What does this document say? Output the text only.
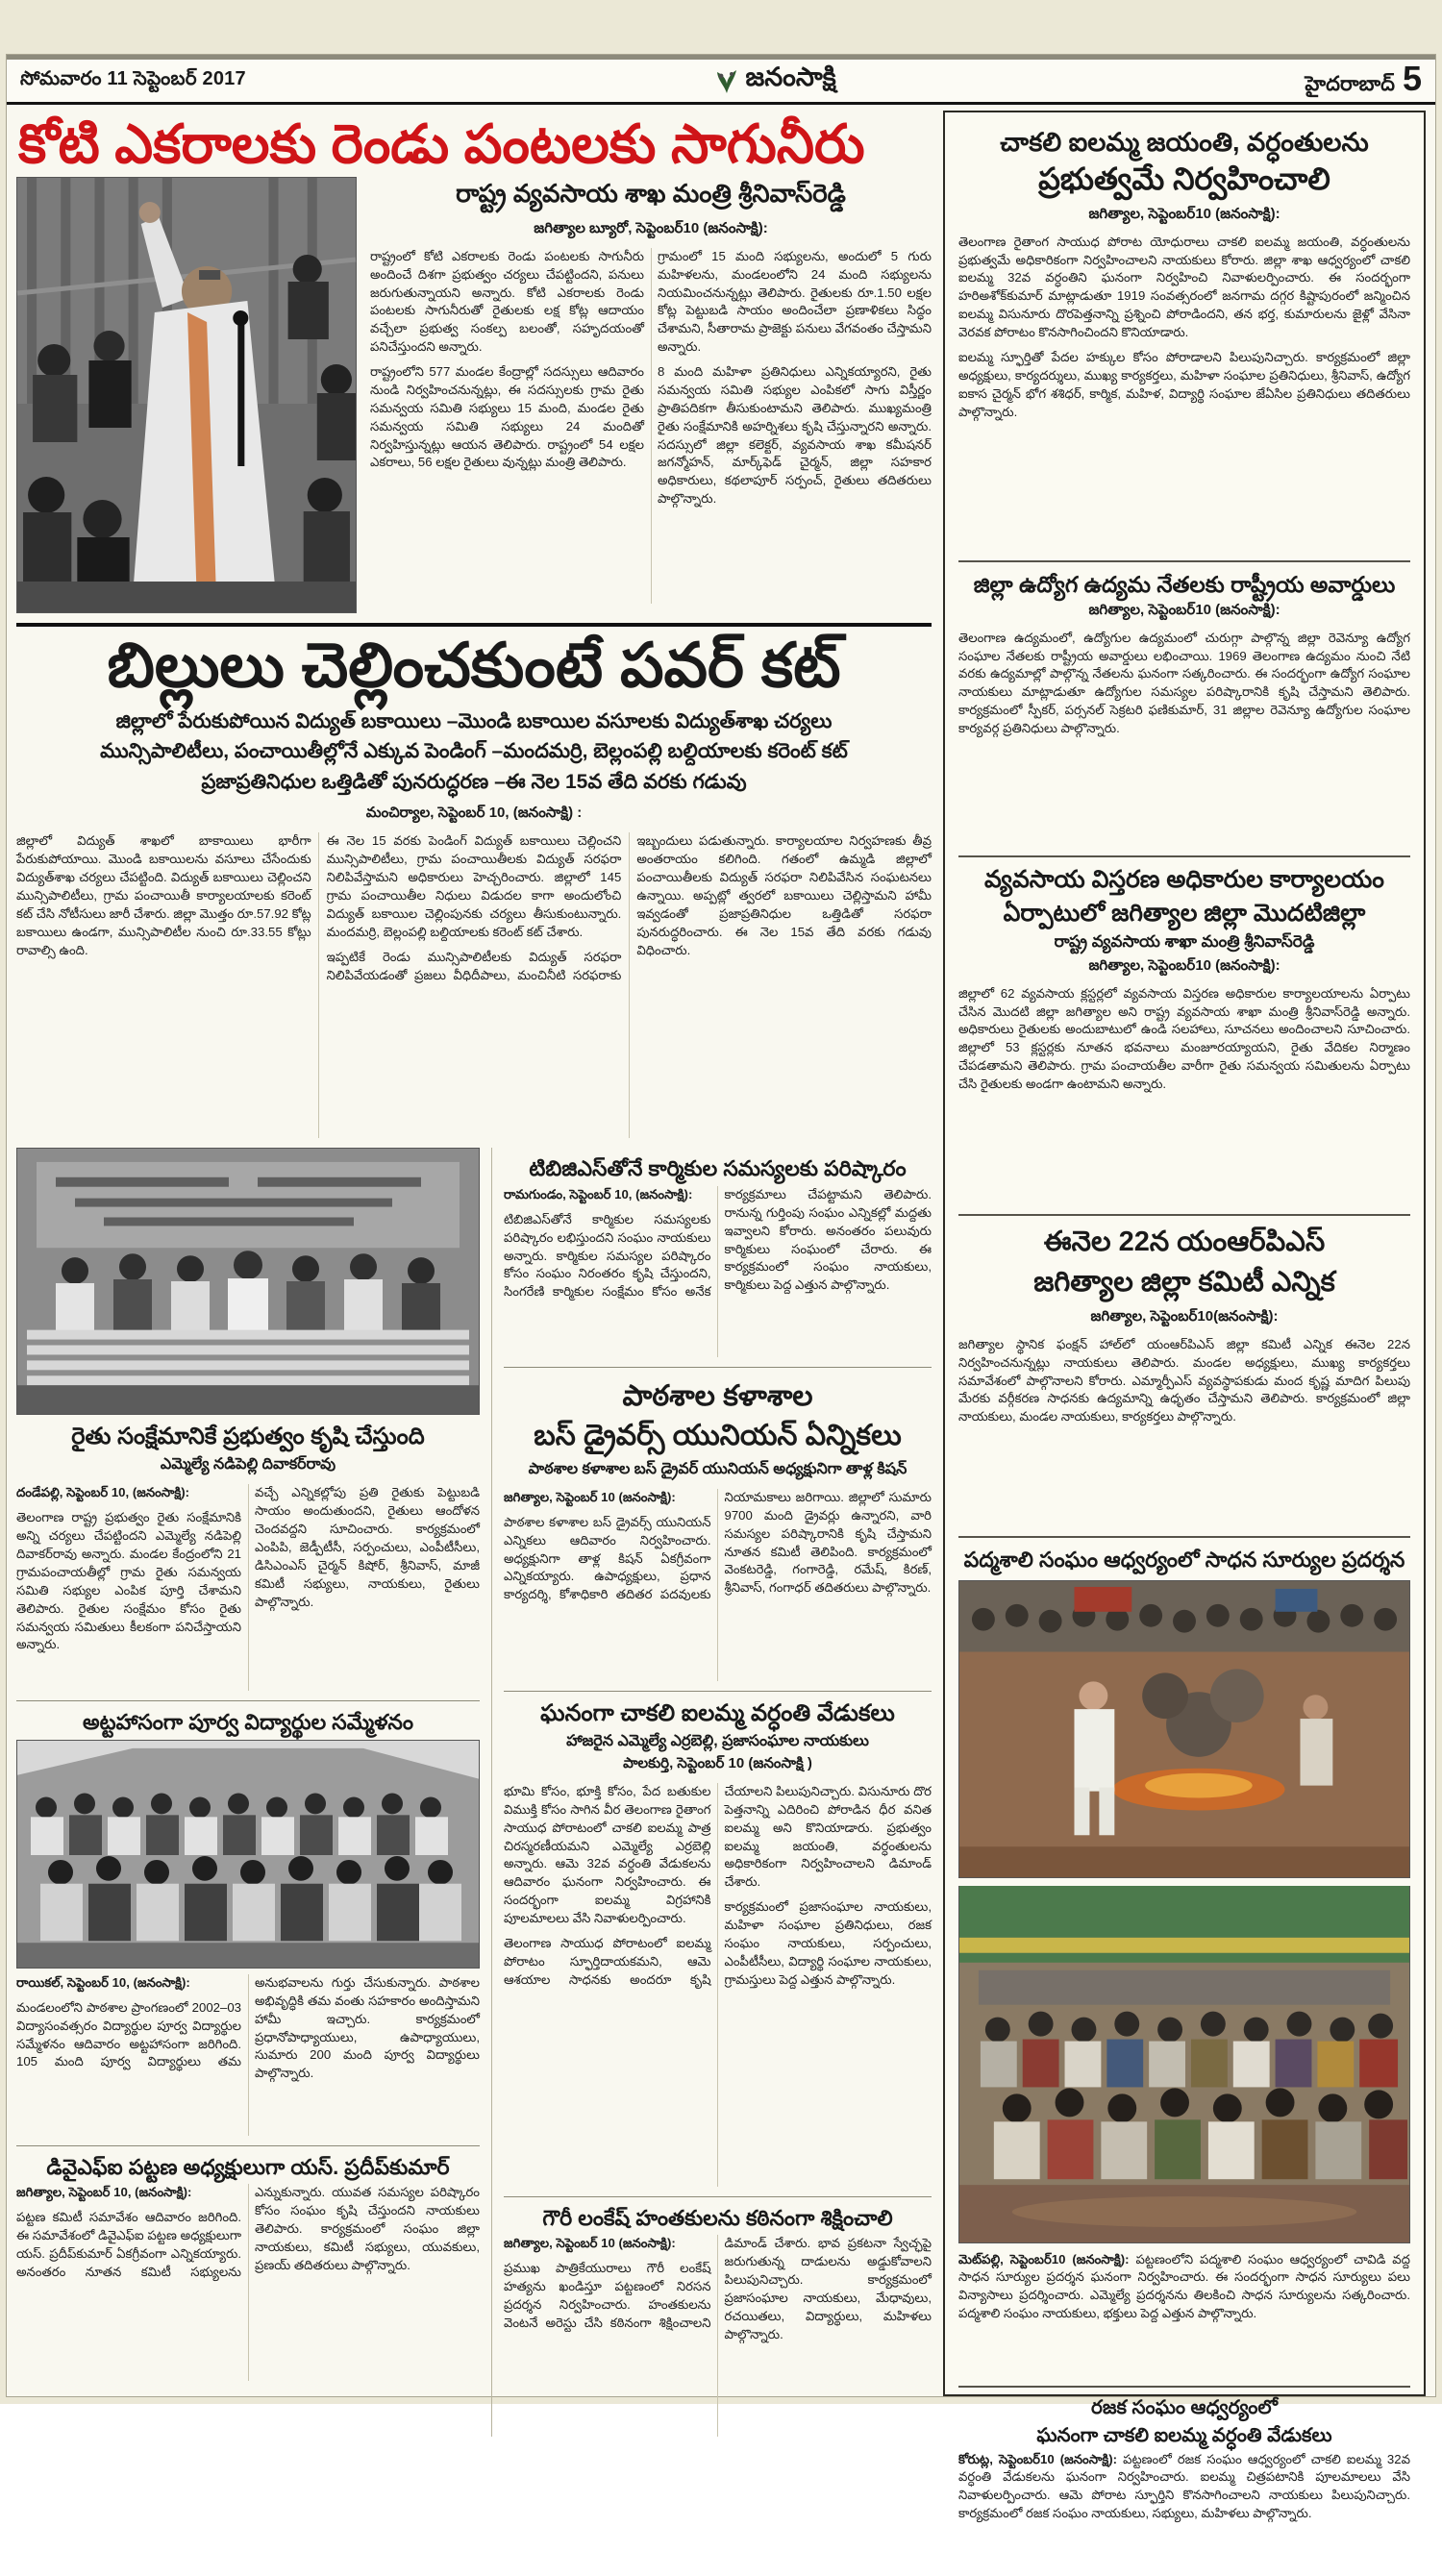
సోమవారం 11 సెప్టెంబర్ 2017	జనంసాక్షి	హైదరాబాద్ 5
కోటి ఎకరాలకు రెండు పంటలకు సాగునీరు
రాష్ట్ర వ్యవసాయ శాఖ మంత్రి శ్రీనివాస్‌రెడ్డి
జగిత్యాల బ్యూరో, సెప్టెంబర్10 (జనంసాక్షి):

రాష్ట్రంలో కోటి ఎకరాలకు రెండు పంటలకు సాగునీరు అందించే దిశగా ప్రభుత్వం చర్యలు చేపట్టిందని, పనులు జరుగుతున్నాయని అన్నారు. కోటి ఎకరాలకు రెండు పంటలకు సాగునీరుతో రైతులకు లక్ష కోట్ల ఆదాయం వచ్చేలా ప్రభుత్వ సంకల్ప బలంతో, సహృదయంతో పనిచేస్తుందని అన్నారు.

రాష్ట్రంలోని 577 మండల కేంద్రాల్లో సదస్సులు ఆదివారం నుండి నిర్వహించనున్నట్లు, ఈ సదస్సులకు గ్రామ రైతు సమన్వయ సమితి సభ్యులు 15 మంది, మండల రైతు సమన్వయ సమితి సభ్యులు 24 మందితో నిర్వహిస్తున్నట్లు ఆయన తెలిపారు. రాష్ట్రంలో 54 లక్షల ఎకరాలు, 56 లక్షల రైతులు వున్నట్లు మంత్రి తెలిపారు.

గ్రామంలో 15 మంది సభ్యులను, అందులో 5 గురు మహిళలను, మండలంలోని 24 మంది సభ్యులను నియమించనున్నట్లు తెలిపారు. రైతులకు రూ.1.50 లక్షల కోట్ల పెట్టుబడి సాయం అందించేలా ప్రణాళికలు సిద్ధం చేశామని, సీతారామ ప్రాజెక్టు పనులు వేగవంతం చేస్తామని అన్నారు.

8 మంది మహిళా ప్రతినిధులు ఎన్నికయ్యారని, రైతు సమన్వయ సమితి సభ్యుల ఎంపికలో సాగు విస్తీర్ణం ప్రాతిపదికగా తీసుకుంటామని తెలిపారు. ముఖ్యమంత్రి రైతు సంక్షేమానికి అహర్నిశలు కృషి చేస్తున్నారని అన్నారు. సదస్సులో జిల్లా కలెక్టర్, వ్యవసాయ శాఖ కమీషనర్ జగన్మోహన్, మార్క్‌ఫెడ్ చైర్మన్, జిల్లా సహకార అధికారులు, కథలాపూర్ సర్పంచ్, రైతులు తదితరులు పాల్గొన్నారు.

బిల్లులు చెల్లించకుంటే పవర్ కట్
జిల్లాలో పేరుకుపోయిన విద్యుత్ బకాయిలు –మొండి బకాయిల వసూలకు విద్యుత్‌శాఖ చర్యలు
మున్సిపాలిటీలు, పంచాయితీల్లోనే ఎక్కువ పెండింగ్ –మందమర్రి, బెల్లంపల్లి బల్దియాలకు కరెంట్ కట్
ప్రజాప్రతినిధుల ఒత్తిడితో పునరుద్ధరణ –ఈ నెల 15వ తేది వరకు గడువు
మంచిర్యాల, సెప్టెంబర్ 10, (జనంసాక్షి) :

జిల్లాలో విద్యుత్ శాఖలో బాకాయిలు భారీగా పేరుకుపోయాయి. మొండి బకాయిలను వసూలు చేసేందుకు విద్యుత్‌శాఖ చర్యలు చేపట్టింది. విద్యుత్ బకాయిలు చెల్లించని మున్సిపాలిటీలు, గ్రామ పంచాయితీ కార్యాలయాలకు కరెంట్ కట్ చేసి నోటీసులు జారీ చేశారు. జిల్లా మొత్తం రూ.57.92 కోట్ల బకాయిలు ఉండగా, మున్సిపాలిటీల నుంచి రూ.33.55 కోట్లు రావాల్సి ఉంది.

ఈ నెల 15 వరకు పెండింగ్ విద్యుత్ బకాయిలు చెల్లించని మున్సిపాలిటీలు, గ్రామ పంచాయితీలకు విద్యుత్ సరఫరా నిలిపివేస్తామని అధికారులు హెచ్చరించారు. జిల్లాలో 145 గ్రామ పంచాయితీల నిధులు విడుదల కాగా అందులోంచి విద్యుత్ బకాయిల చెల్లింపునకు చర్యలు తీసుకుంటున్నారు. మందమర్రి, బెల్లంపల్లి బల్దియాలకు కరెంట్ కట్ చేశారు.

ఇప్పటికే రెండు మున్సిపాలిటీలకు విద్యుత్ సరఫరా నిలిపివేయడంతో ప్రజలు వీధిదీపాలు, మంచినీటి సరఫరాకు ఇబ్బందులు పడుతున్నారు. కార్యాలయాల నిర్వహణకు తీవ్ర అంతరాయం కలిగింది. గతంలో ఉమ్మడి జిల్లాలో పంచాయితీలకు విద్యుత్ సరఫరా నిలిపివేసిన సంఘటనలు ఉన్నాయి. అప్పట్లో త్వరలో బకాయిలు చెల్లిస్తామని హామీ ఇవ్వడంతో ప్రజాప్రతినిధుల ఒత్తిడితో సరఫరా పునరుద్ధరించారు. ఈ నెల 15వ తేది వరకు గడువు విధించారు.

రైతు సంక్షేమానికే ప్రభుత్వం కృషి చేస్తుంది
ఎమ్మెల్యే నడిపెల్లి దివాకర్‌రావు

దండేపల్లి, సెప్టెంబర్ 10, (జనంసాక్షి):

తెలంగాణ రాష్ట్ర ప్రభుత్వం రైతు సంక్షేమానికి అన్ని చర్యలు చేపట్టిందని ఎమ్మెల్యే నడిపెల్లి దివాకర్‌రావు అన్నారు. మండల కేంద్రంలోని 21 గ్రామపంచాయతీల్లో గ్రామ రైతు సమన్వయ సమితి సభ్యుల ఎంపిక పూర్తి చేశామని తెలిపారు. రైతుల సంక్షేమం కోసం రైతు సమన్వయ సమితులు కీలకంగా పనిచేస్తాయని అన్నారు.

వచ్చే ఎన్నికల్లోపు ప్రతి రైతుకు పెట్టుబడి సాయం అందుతుందని, రైతులు ఆందోళన చెందవద్దని సూచించారు. కార్యక్రమంలో ఎంపిపి, జెడ్పీటీసీ, సర్పంచులు, ఎంపీటీసీలు, డిసిఎంఎస్ చైర్మన్ కిషోర్, శ్రీనివాస్, మాజీ కమిటీ సభ్యులు, నాయకులు, రైతులు పాల్గొన్నారు.

అట్టహాసంగా పూర్వ విద్యార్థుల సమ్మేళనం

రాయికల్, సెప్టెంబర్ 10, (జనంసాక్షి):

మండలంలోని పాఠశాల ప్రాంగణంలో 2002–03 విద్యాసంవత్సరం విద్యార్థుల పూర్వ విద్యార్థుల సమ్మేళనం ఆదివారం అట్టహాసంగా జరిగింది. 105 మంది పూర్వ విద్యార్థులు తమ అనుభవాలను గుర్తు చేసుకున్నారు. పాఠశాల అభివృద్ధికి తమ వంతు సహకారం అందిస్తామని హామీ ఇచ్చారు. కార్యక్రమంలో ప్రధానోపాధ్యాయులు, ఉపాధ్యాయులు, సుమారు 200 మంది పూర్వ విద్యార్థులు పాల్గొన్నారు.

డివైఎఫ్ఐ పట్టణ అధ్యక్షులుగా యస్. ప్రదీప్‌కుమార్

జగిత్యాల, సెప్టెంబర్ 10, (జనంసాక్షి):

పట్టణ కమిటీ సమావేశం ఆదివారం జరిగింది. ఈ సమావేశంలో డివైఎఫ్ఐ పట్టణ అధ్యక్షులుగా యస్. ప్రదీప్‌కుమార్ ఏకగ్రీవంగా ఎన్నికయ్యారు. అనంతరం నూతన కమిటీ సభ్యులను ఎన్నుకున్నారు. యువత సమస్యల పరిష్కారం కోసం సంఘం కృషి చేస్తుందని నాయకులు తెలిపారు. కార్యక్రమంలో సంఘం జిల్లా నాయకులు, కమిటీ సభ్యులు, యువకులు, ప్రణయ్ తదితరులు పాల్గొన్నారు.

టిబిజిఎస్‌తోనే కార్మికుల సమస్యలకు పరిష్కారం

రామగుండం, సెప్టెంబర్ 10, (జనంసాక్షి):

టిబిజిఎస్‌తోనే కార్మికుల సమస్యలకు పరిష్కారం లభిస్తుందని సంఘం నాయకులు అన్నారు. కార్మికుల సమస్యల పరిష్కారం కోసం సంఘం నిరంతరం కృషి చేస్తుందని, సింగరేణి కార్మికుల సంక్షేమం కోసం అనేక కార్యక్రమాలు చేపట్టామని తెలిపారు. రానున్న గుర్తింపు సంఘం ఎన్నికల్లో మద్దతు ఇవ్వాలని కోరారు. అనంతరం పలువురు కార్మికులు సంఘంలో చేరారు. ఈ కార్యక్రమంలో సంఘం నాయకులు, కార్మికులు పెద్ద ఎత్తున పాల్గొన్నారు.

పాఠశాల కళాశాల
బస్ డ్రైవర్స్ యునియన్ ఏన్నికలు
పాఠశాల కళాశాల బస్ డ్రైవర్ యునియన్ అధ్యక్షునిగా తాళ్ల కిషన్

జగిత్యాల, సెప్టెంబర్ 10 (జనంసాక్షి):

పాఠశాల కళాశాల బస్ డ్రైవర్స్ యునియన్ ఎన్నికలు ఆదివారం నిర్వహించారు. అధ్యక్షునిగా తాళ్ల కిషన్ ఏకగ్రీవంగా ఎన్నికయ్యారు. ఉపాధ్యక్షులు, ప్రధాన కార్యదర్శి, కోశాధికారి తదితర పదవులకు నియామకాలు జరిగాయి. జిల్లాలో సుమారు 9700 మంది డ్రైవర్లు ఉన్నారని, వారి సమస్యల పరిష్కారానికి కృషి చేస్తామని నూతన కమిటీ తెలిపింది. కార్యక్రమంలో వెంకటరెడ్డి, గంగారెడ్డి, రమేష్, కిరణ్, శ్రీనివాస్, గంగాధర్ తదితరులు పాల్గొన్నారు.

ఘనంగా చాకలి ఐలమ్మ వర్ధంతి వేడుకలు
హాజరైన ఎమ్మెల్యే ఎర్రబెల్లి, ప్రజాసంఘాల నాయకులు
పాలకుర్తి, సెప్టెంబర్ 10 (జనంసాక్షి )

భూమి కోసం, భూక్తి కోసం, పేద బతుకుల విముక్తి కోసం సాగిన వీర తెలంగాణ రైతాంగ సాయుధ పోరాటంలో చాకలి ఐలమ్మ పాత్ర చిరస్మరణీయమని ఎమ్మెల్యే ఎర్రబెల్లి అన్నారు. ఆమె 32వ వర్ధంతి వేడుకలను ఆదివారం ఘనంగా నిర్వహించారు. ఈ సందర్భంగా ఐలమ్మ విగ్రహానికి పూలమాలలు వేసి నివాళులర్పించారు.

తెలంగాణ సాయుధ పోరాటంలో ఐలమ్మ పోరాటం స్ఫూర్తిదాయకమని, ఆమె ఆశయాల సాధనకు అందరూ కృషి చేయాలని పిలుపునిచ్చారు. విసునూరు దొర పెత్తనాన్ని ఎదిరించి పోరాడిన ధీర వనిత ఐలమ్మ అని కొనియాడారు. ప్రభుత్వం ఐలమ్మ జయంతి, వర్ధంతులను అధికారికంగా నిర్వహించాలని డిమాండ్ చేశారు.

కార్యక్రమంలో ప్రజాసంఘాల నాయకులు, మహిళా సంఘాల ప్రతినిధులు, రజక సంఘం నాయకులు, సర్పంచులు, ఎంపీటీసీలు, విద్యార్థి సంఘాల నాయకులు, గ్రామస్తులు పెద్ద ఎత్తున పాల్గొన్నారు.

గౌరీ లంకేష్ హంతకులను కఠినంగా శిక్షించాలి

జగిత్యాల, సెప్టెంబర్ 10 (జనంసాక్షి):

ప్రముఖ పాత్రికేయురాలు గౌరీ లంకేష్ హత్యను ఖండిస్తూ పట్టణంలో నిరసన ప్రదర్శన నిర్వహించారు. హంతకులను వెంటనే అరెస్టు చేసి కఠినంగా శిక్షించాలని డిమాండ్ చేశారు. భావ ప్రకటనా స్వేచ్ఛపై జరుగుతున్న దాడులను అడ్డుకోవాలని పిలుపునిచ్చారు. కార్యక్రమంలో ప్రజాసంఘాల నాయకులు, మేధావులు, రచయితలు, విద్యార్థులు, మహిళలు పాల్గొన్నారు.

చాకలి ఐలమ్మ జయంతి, వర్ధంతులను
ప్రభుత్వమే నిర్వహించాలి
జగిత్యాల, సెప్టెంబర్10 (జనంసాక్షి):

తెలంగాణ రైతాంగ సాయుధ పోరాట యోధురాలు చాకలి ఐలమ్మ జయంతి, వర్ధంతులను ప్రభుత్వమే అధికారికంగా నిర్వహించాలని నాయకులు కోరారు. జిల్లా శాఖ ఆధ్వర్యంలో చాకలి ఐలమ్మ 32వ వర్ధంతిని ఘనంగా నిర్వహించి నివాళులర్పించారు. ఈ సందర్భంగా హరిఅశోక్‌కుమార్ మాట్లాడుతూ 1919 సంవత్సరంలో జనగామ దగ్గర కిష్టాపురంలో జన్మించిన ఐలమ్మ విసునూరు దొరపెత్తనాన్ని ప్రశ్నించి పోరాడిందని, తన భర్త, కుమారులను జైళ్లో వేసినా వెరవక పోరాటం కొనసాగించిందని కొనియాడారు.

ఐలమ్మ స్ఫూర్తితో పేదల హక్కుల కోసం పోరాడాలని పిలుపునిచ్చారు. కార్యక్రమంలో జిల్లా అధ్యక్షులు, కార్యదర్శులు, ముఖ్య కార్యకర్తలు, మహిళా సంఘాల ప్రతినిధులు, శ్రీనివాస్, ఉద్యోగ ఐకాస చైర్మన్ భోగ శశిధర్, కార్మిక, మహిళ, విద్యార్థి సంఘాల జేఏసిల ప్రతినిధులు తదితరులు పాల్గొన్నారు.

జిల్లా ఉద్యోగ ఉద్యమ నేతలకు రాష్ట్రీయ అవార్డులు
జగిత్యాల, సెప్టెంబర్10 (జనంసాక్షి):

తెలంగాణ ఉద్యమంలో, ఉద్యోగుల ఉద్యమంలో చురుగ్గా పాల్గొన్న జిల్లా రెవెన్యూ ఉద్యోగ సంఘాల నేతలకు రాష్ట్రీయ అవార్డులు లభించాయి. 1969 తెలంగాణ ఉద్యమం నుంచి నేటి వరకు ఉద్యమాల్లో పాల్గొన్న నేతలను ఘనంగా సత్కరించారు. ఈ సందర్భంగా ఉద్యోగ సంఘాల నాయకులు మాట్లాడుతూ ఉద్యోగుల సమస్యల పరిష్కారానికి కృషి చేస్తామని తెలిపారు. కార్యక్రమంలో స్పీకర్, పర్సనల్ సెక్రటరి ఫణికుమార్, 31 జిల్లాల రెవెన్యూ ఉద్యోగుల సంఘాల కార్యవర్గ ప్రతినిధులు పాల్గొన్నారు.

వ్యవసాయ విస్తరణ అధికారుల కార్యాలయం
ఏర్పాటులో జగిత్యాల జిల్లా మొదటిజిల్లా
రాష్ట్ర వ్యవసాయ శాఖా మంత్రి శ్రీనివాస్‌రెడ్డి
జగిత్యాల, సెప్టెంబర్10 (జనంసాక్షి):

జిల్లాలో 62 వ్యవసాయ క్లస్టర్లలో వ్యవసాయ విస్తరణ అధికారుల కార్యాలయాలను ఏర్పాటు చేసిన మొదటి జిల్లా జగిత్యాల అని రాష్ట్ర వ్యవసాయ శాఖా మంత్రి శ్రీనివాస్‌రెడ్డి అన్నారు. అధికారులు రైతులకు అందుబాటులో ఉండి సలహాలు, సూచనలు అందించాలని సూచించారు. జిల్లాలో 53 క్లస్టర్లకు నూతన భవనాలు మంజూరయ్యాయని, రైతు వేదికల నిర్మాణం చేపడతామని తెలిపారు. గ్రామ పంచాయతీల వారీగా రైతు సమన్వయ సమితులను ఏర్పాటు చేసి రైతులకు అండగా ఉంటామని అన్నారు.

ఈనెల 22న యంఆర్‌పిఎస్
జగిత్యాల జిల్లా కమిటీ ఎన్నిక
జగిత్యాల, సెప్టెంబర్10(జనంసాక్షి):

జగిత్యాల స్థానిక ఫంక్షన్ హాల్‌లో యంఆర్‌పిఎస్ జిల్లా కమిటీ ఎన్నిక ఈనెల 22న నిర్వహించనున్నట్లు నాయకులు తెలిపారు. మండల అధ్యక్షులు, ముఖ్య కార్యకర్తలు సమావేశంలో పాల్గొనాలని కోరారు. ఎమ్మార్పీఎస్ వ్యవస్థాపకుడు మంద కృష్ణ మాదిగ పిలుపు మేరకు వర్గీకరణ సాధనకు ఉద్యమాన్ని ఉధృతం చేస్తామని తెలిపారు. కార్యక్రమంలో జిల్లా నాయకులు, మండల నాయకులు, కార్యకర్తలు పాల్గొన్నారు.

పద్మశాలి సంఘం ఆధ్వర్యంలో సాధన సూర్యుల ప్రదర్శన

మెట్‌పల్లి, సెప్టెంబర్10 (జనంసాక్షి): పట్టణంలోని పద్మశాలి సంఘం ఆధ్వర్యంలో చావిడి వద్ద సాధన సూర్యుల ప్రదర్శన ఘనంగా నిర్వహించారు. ఈ సందర్భంగా సాధన సూర్యులు పలు విన్యాసాలు ప్రదర్శించారు. ఎమ్మెల్యే ప్రదర్శనను తిలకించి సాధన సూర్యులను సత్కరించారు. పద్మశాలి సంఘం నాయకులు, భక్తులు పెద్ద ఎత్తున పాల్గొన్నారు.

రజక సంఘం ఆధ్వర్యంలో
ఘనంగా చాకలి ఐలమ్మ వర్ధంతి వేడుకలు

కోరుట్ల, సెప్టెంబర్10 (జనంసాక్షి): పట్టణంలో రజక సంఘం ఆధ్వర్యంలో చాకలి ఐలమ్మ 32వ వర్ధంతి వేడుకలను ఘనంగా నిర్వహించారు. ఐలమ్మ చిత్రపటానికి పూలమాలలు వేసి నివాళులర్పించారు. ఆమె పోరాట స్ఫూర్తిని కొనసాగించాలని నాయకులు పిలుపునిచ్చారు. కార్యక్రమంలో రజక సంఘం నాయకులు, సభ్యులు, మహిళలు పాల్గొన్నారు.
